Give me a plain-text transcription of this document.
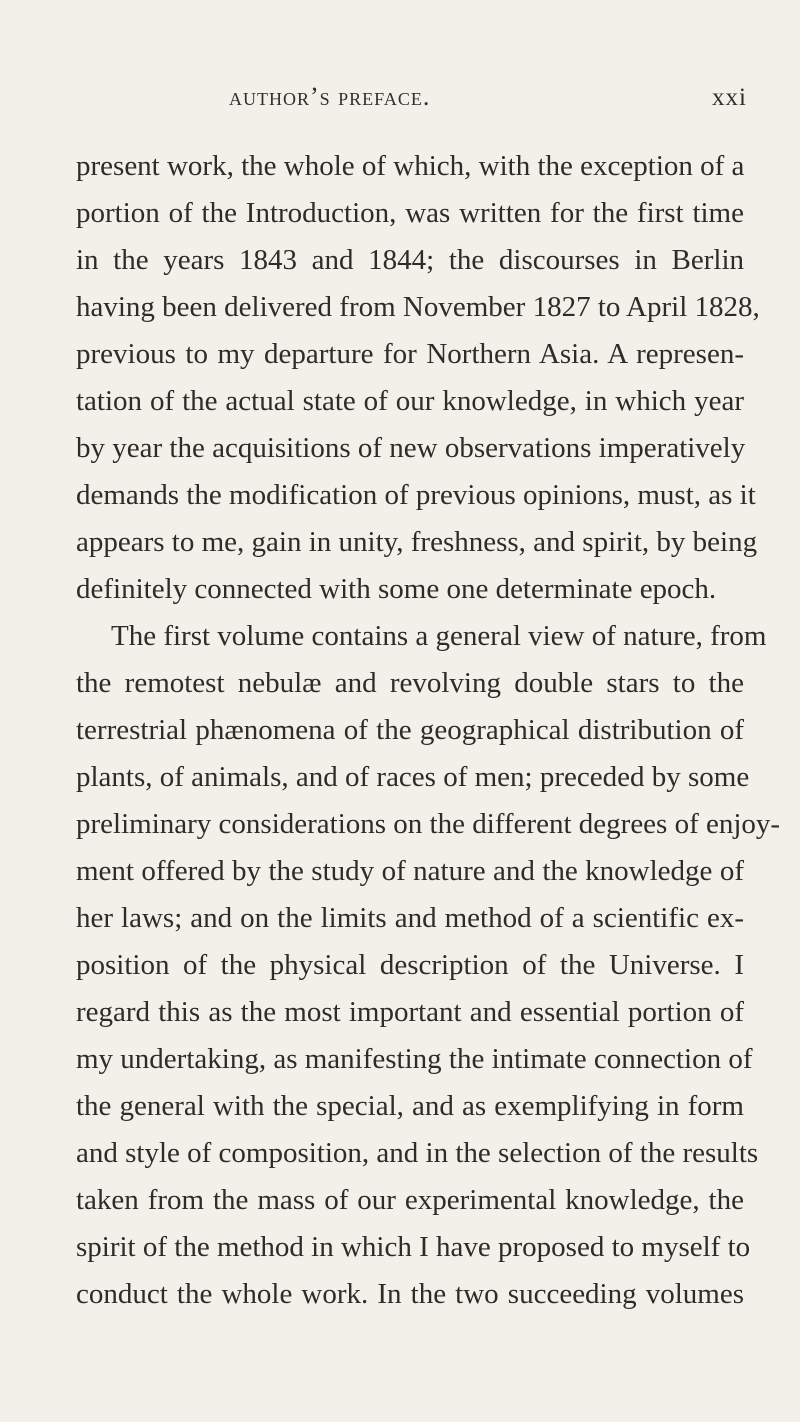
author’s preface.	xxi
present work, the whole of which, with the exception of a
portion of the Introduction, was written for the first time
in the years 1843 and 1844; the discourses in Berlin
having been delivered from November 1827 to April 1828,
previous to my departure for Northern Asia. A represen-
tation of the actual state of our knowledge, in which year
by year the acquisitions of new observations imperatively
demands the modification of previous opinions, must, as it
appears to me, gain in unity, freshness, and spirit, by being
definitely connected with some one determinate epoch.
The first volume contains a general view of nature, from
the remotest nebulæ and revolving double stars to the
terrestrial phænomena of the geographical distribution of
plants, of animals, and of races of men; preceded by some
preliminary considerations on the different degrees of enjoy-
ment offered by the study of nature and the knowledge of
her laws; and on the limits and method of a scientific ex-
position of the physical description of the Universe. I
regard this as the most important and essential portion of
my undertaking, as manifesting the intimate connection of
the general with the special, and as exemplifying in form
and style of composition, and in the selection of the results
taken from the mass of our experimental knowledge, the
spirit of the method in which I have proposed to myself to
conduct the whole work. In the two succeeding volumes
